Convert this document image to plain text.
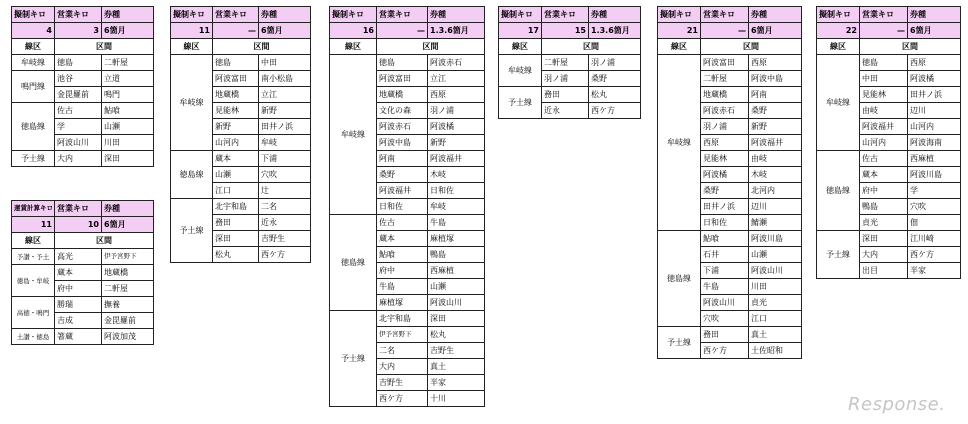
擬制キロ	営業キロ	券種
4	3	6箇月
線区	区間	
牟岐線	徳島	二軒屋
鳴門線	池谷	立道
	金毘羅前	鳴門
徳島線	佐古	鮎喰
	学	山瀬
	阿波山川	川田
予土線	大内	深田
運賃計算キロ	営業キロ	券種
11	10	6箇月
線区	区間	
予讃・予土	高光	伊予宮野下
徳島・牟岐	蔵本	地蔵橋
	府中	二軒屋
高徳・鳴門	勝瑞	撫養
	吉成	金毘羅前
土讃・徳島	箸蔵	阿波加茂
擬制キロ	営業キロ	券種
11	—	6箇月
線区	区間	
牟岐線	徳島	中田
	阿波富田	南小松島
	地蔵橋	立江
	見能林	新野
	新野	田井ノ浜
	山河内	牟岐
徳島線	蔵本	下浦
	山瀬	穴吹
	江口	辻
予土線	北宇和島	二名
	務田	近永
	深田	吉野生
	松丸	西ケ方
擬制キロ	営業キロ	券種
16	—	1.3.6箇月
線区	区間	
牟岐線	徳島	阿波赤石
	阿波富田	立江
	地蔵橋	西原
	文化の森	羽ノ浦
	阿波赤石	阿波橘
	阿波中島	新野
	阿南	阿波福井
	桑野	木岐
	阿波福井	日和佐
	日和佐	牟岐
徳島線	佐古	牛島
	蔵本	麻植塚
	鮎喰	鴨島
	府中	西麻植
	牛島	山瀬
	麻植塚	阿波山川
予土線	北宇和島	深田
	伊予宮野下	松丸
	二名	吉野生
	大内	真土
	吉野生	半家
	西ケ方	十川
擬制キロ	営業キロ	券種
17	15	1.3.6箇月
線区	区間	
牟岐線	二軒屋	羽ノ浦
	羽ノ浦	桑野
予土線	務田	松丸
	近永	西ケ方
擬制キロ	営業キロ	券種
21	—	6箇月
線区	区間	
牟岐線	阿波富田	西原
	二軒屋	阿波中島
	地蔵橋	阿南
	阿波赤石	桑野
	羽ノ浦	新野
	西原	阿波福井
	見能林	由岐
	阿波橘	木岐
	桑野	北河内
	田井ノ浜	辺川
	日和佐	鯖瀬
徳島線	鮎喰	阿波川島
	石井	山瀬
	下浦	阿波山川
	牛島	川田
	阿波山川	貞光
	穴吹	江口
予土線	務田	真土
	西ケ方	土佐昭和
擬制キロ	営業キロ	券種
22	—	6箇月
線区	区間	
牟岐線	徳島	西原
	中田	阿波橘
	見能林	田井ノ浜
	由岐	辺川
	阿波福井	山河内
	山河内	阿波海南
徳島線	佐古	西麻植
	蔵本	阿波川島
	府中	学
	鴨島	穴吹
	貞光	佃
予土線	深田	江川崎
	大内	西ケ方
	出目	半家
Response.
